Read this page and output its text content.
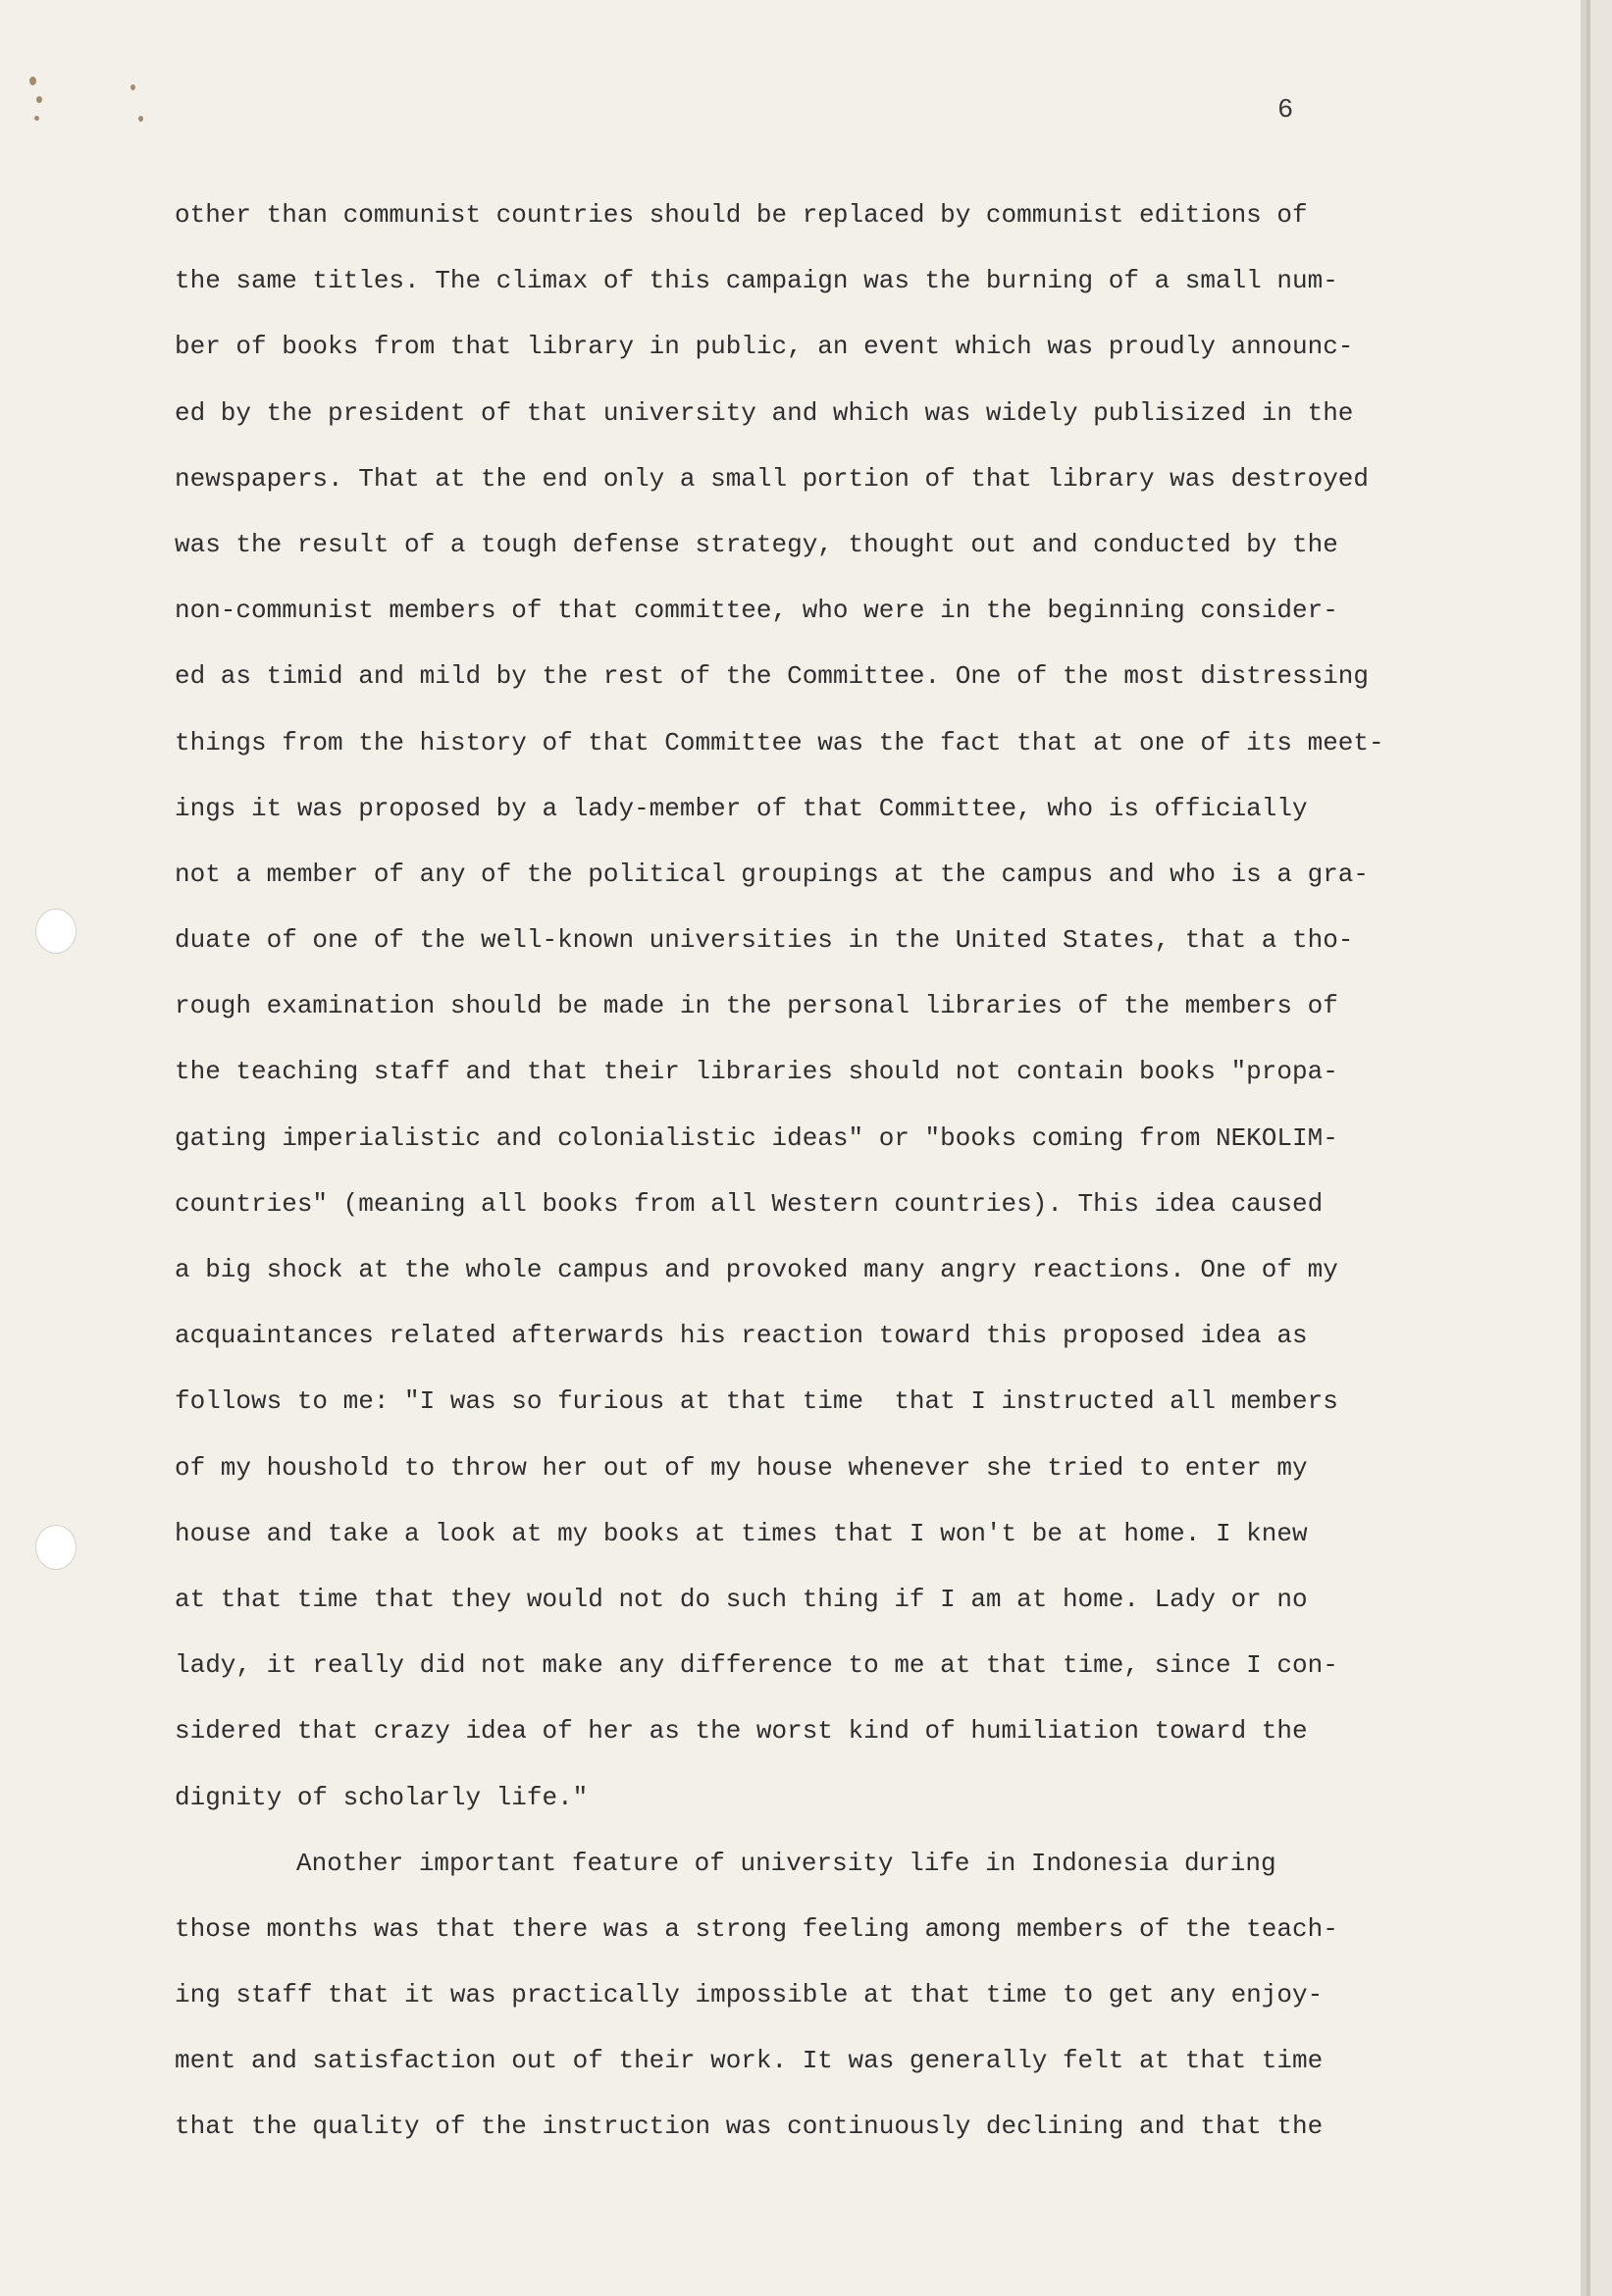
6
other than communist countries should be replaced by communist editions of
the same titles. The climax of this campaign was the burning of a small num-
ber of books from that library in public, an event which was proudly announc-
ed by the president of that university and which was widely publisized in the
newspapers. That at the end only a small portion of that library was destroyed
was the result of a tough defense strategy, thought out and conducted by the
non-communist members of that committee, who were in the beginning consider-
ed as timid and mild by the rest of the Committee. One of the most distressing
things from the history of that Committee was the fact that at one of its meet-
ings it was proposed by a lady-member of that Committee, who is officially
not a member of any of the political groupings at the campus and who is a gra-
duate of one of the well-known universities in the United States, that a tho-
rough examination should be made in the personal libraries of the members of
the teaching staff and that their libraries should not contain books "propa-
gating imperialistic and colonialistic ideas" or "books coming from NEKOLIM-
countries" (meaning all books from all Western countries). This idea caused
a big shock at the whole campus and provoked many angry reactions. One of my
acquaintances related afterwards his reaction toward this proposed idea as
follows to me: "I was so furious at that time  that I instructed all members
of my houshold to throw her out of my house whenever she tried to enter my
house and take a look at my books at times that I won't be at home. I knew
at that time that they would not do such thing if I am at home. Lady or no
lady, it really did not make any difference to me at that time, since I con-
sidered that crazy idea of her as the worst kind of humiliation toward the
dignity of scholarly life."
Another important feature of university life in Indonesia during
those months was that there was a strong feeling among members of the teach-
ing staff that it was practically impossible at that time to get any enjoy-
ment and satisfaction out of their work. It was generally felt at that time
that the quality of the instruction was continuously declining and that the
